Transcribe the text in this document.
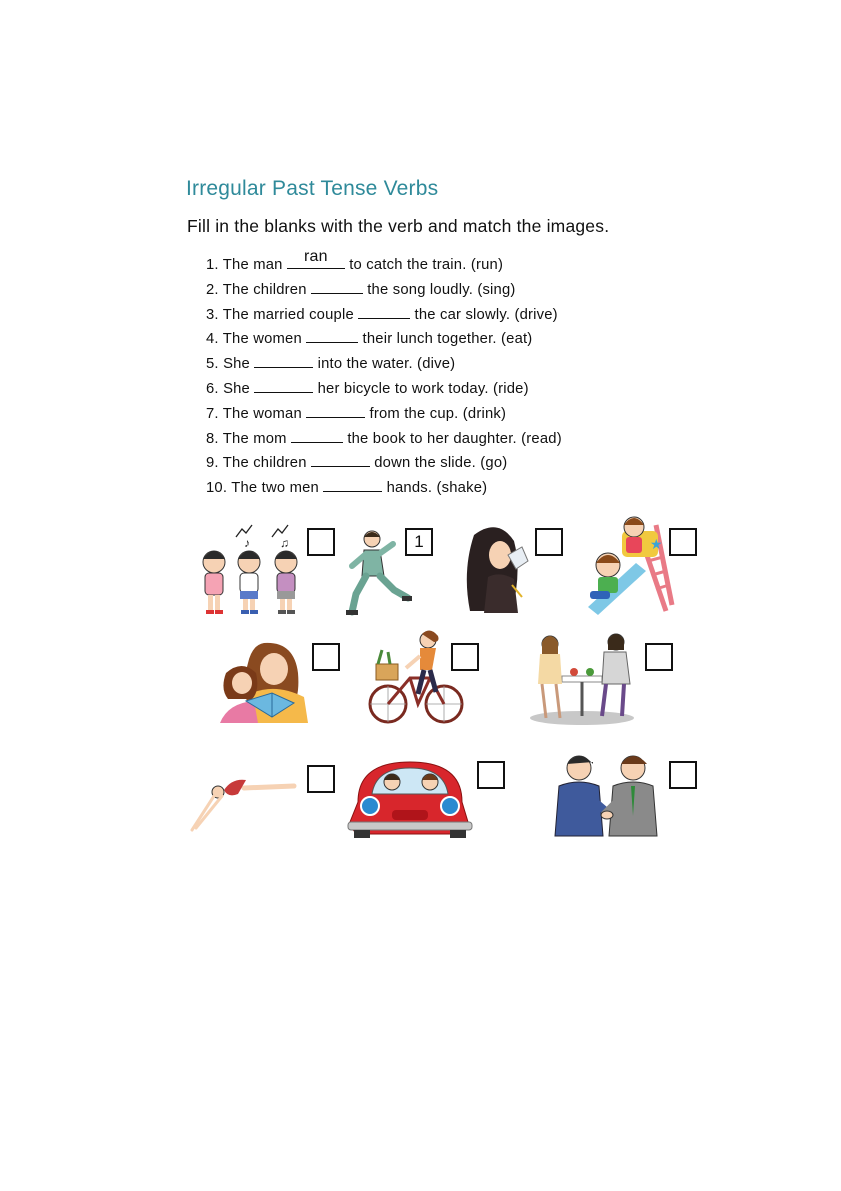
Irregular Past Tense Verbs

Fill in the blanks with the verb and match the images.

1. The man	ran	to catch the train. (run)
2. The children	the song loudly. (sing)
3. The married couple	the car slowly. (drive)
4. The women	their lunch together. (eat)
5. She	into the water. (dive)
6. She	her bicycle to work today. (ride)
7. The woman	from the cup. (drink)
8. The mom	the book to her daughter. (read)
9. The children	down the slide. (go)
10. The two men	hands. (shake)
♪	♫	1	★
